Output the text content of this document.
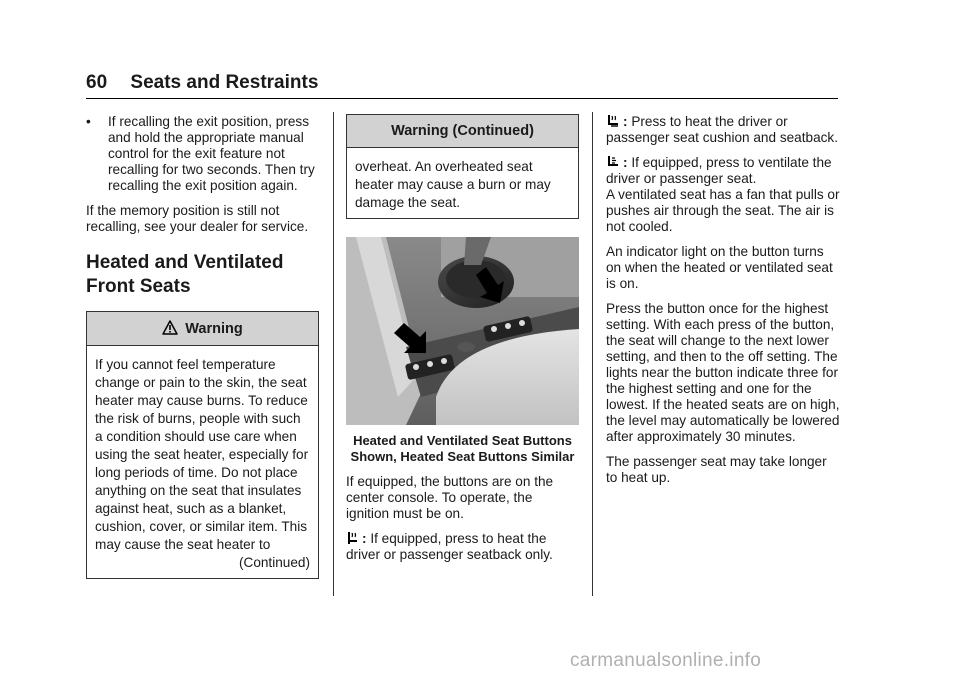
60 Seats and Restraints
•	If recalling the exit position, press and hold the appropriate manual control for the exit feature not recalling for two seconds. Then try recalling the exit position again.

If the memory position is still not recalling, see your dealer for service.

Heated and Ventilated Front Seats
Warning
If you cannot feel temperature change or pain to the skin, the seat heater may cause burns. To reduce the risk of burns, people with such a condition should use care when using the seat heater, especially for long periods of time. Do not place anything on the seat that insulates against heat, such as a blanket, cushion, cover, or similar item. This may cause the seat heater to
(Continued)
Warning (Continued)
overheat. An overheated seat heater may cause a burn or may damage the seat.
Heated and Ventilated Seat Buttons Shown, Heated Seat Buttons Similar

If equipped, the buttons are on the center console. To operate, the ignition must be on.

: If equipped, press to heat the driver or passenger seatback only.

: Press to heat the driver or passenger seat cushion and seatback.

: If equipped, press to ventilate the driver or passenger seat.

A ventilated seat has a fan that pulls or pushes air through the seat. The air is not cooled.

An indicator light on the button turns on when the heated or ventilated seat is on.

Press the button once for the highest setting. With each press of the button, the seat will change to the next lower setting, and then to the off setting. The lights near the button indicate three for the highest setting and one for the lowest. If the heated seats are on high, the level may automatically be lowered after approximately 30 minutes.

The passenger seat may take longer to heat up.

carmanualsonline.info
